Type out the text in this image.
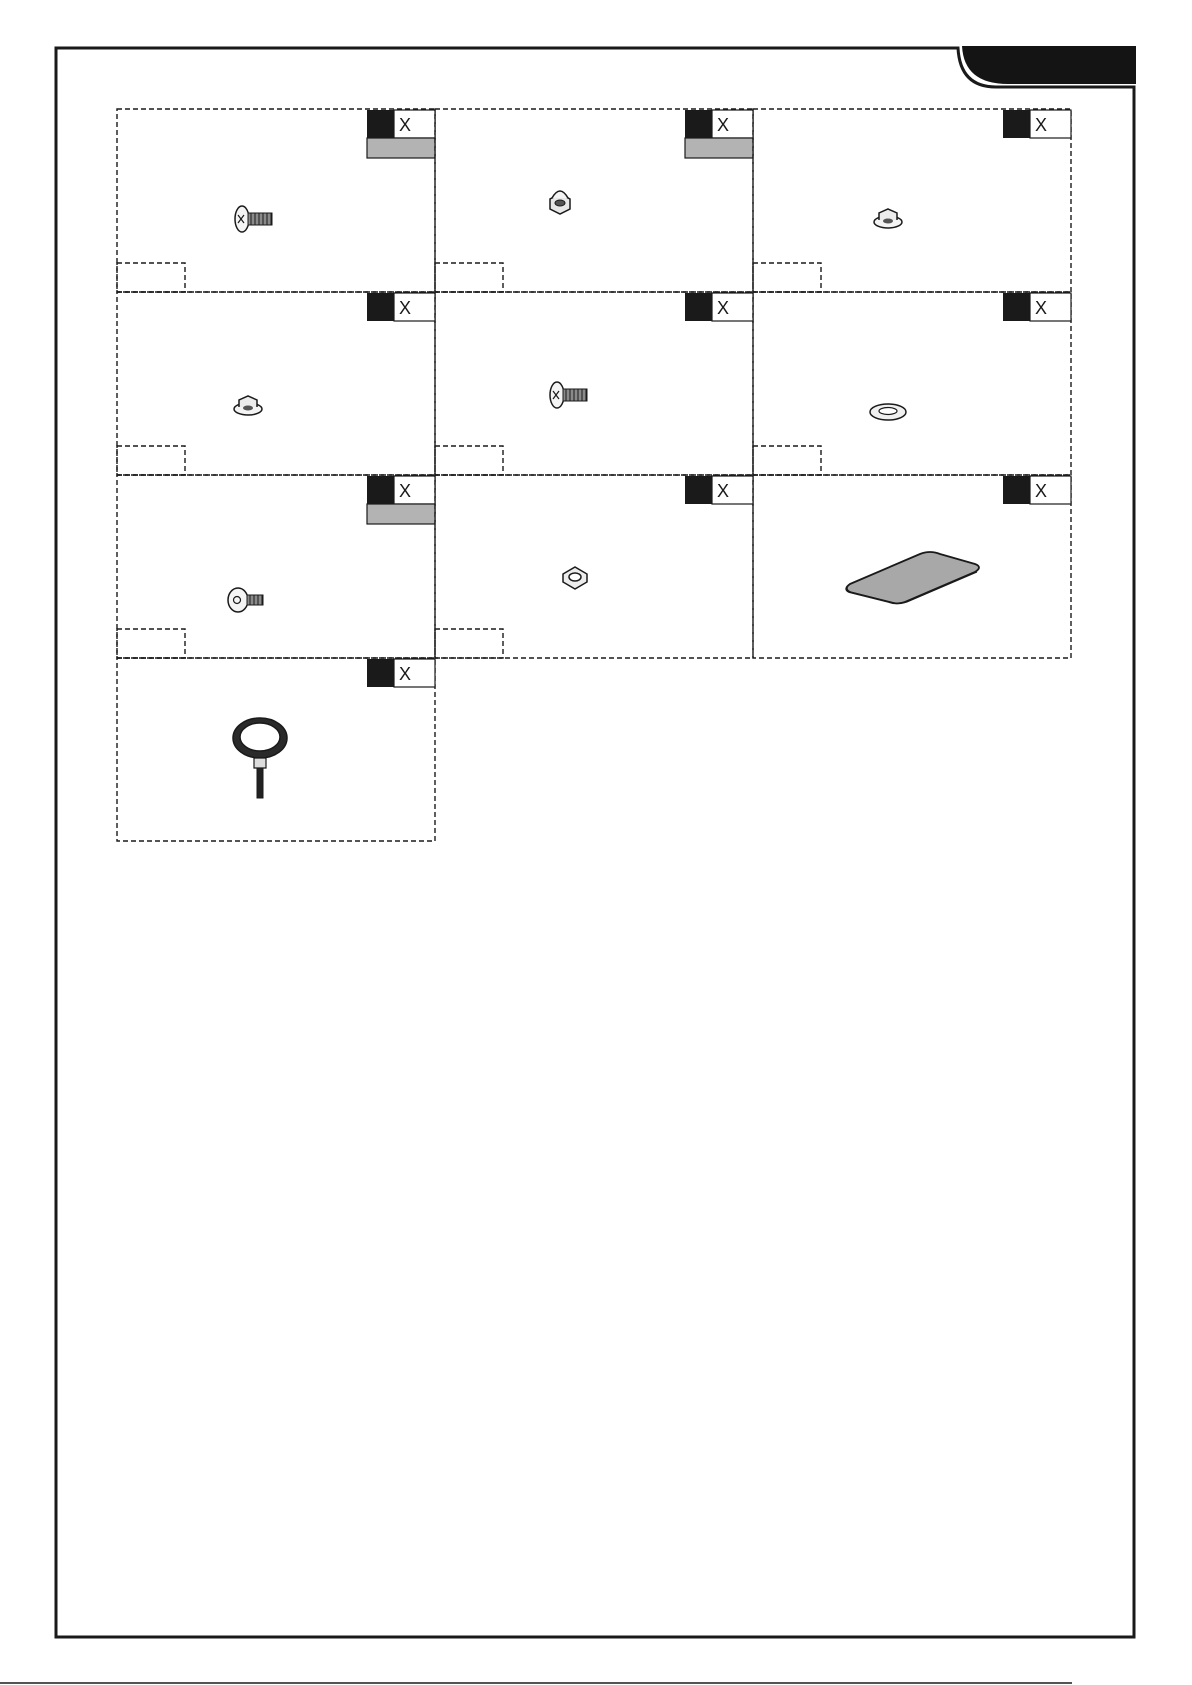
X	X	X
X	X	X
X	X	X
X
